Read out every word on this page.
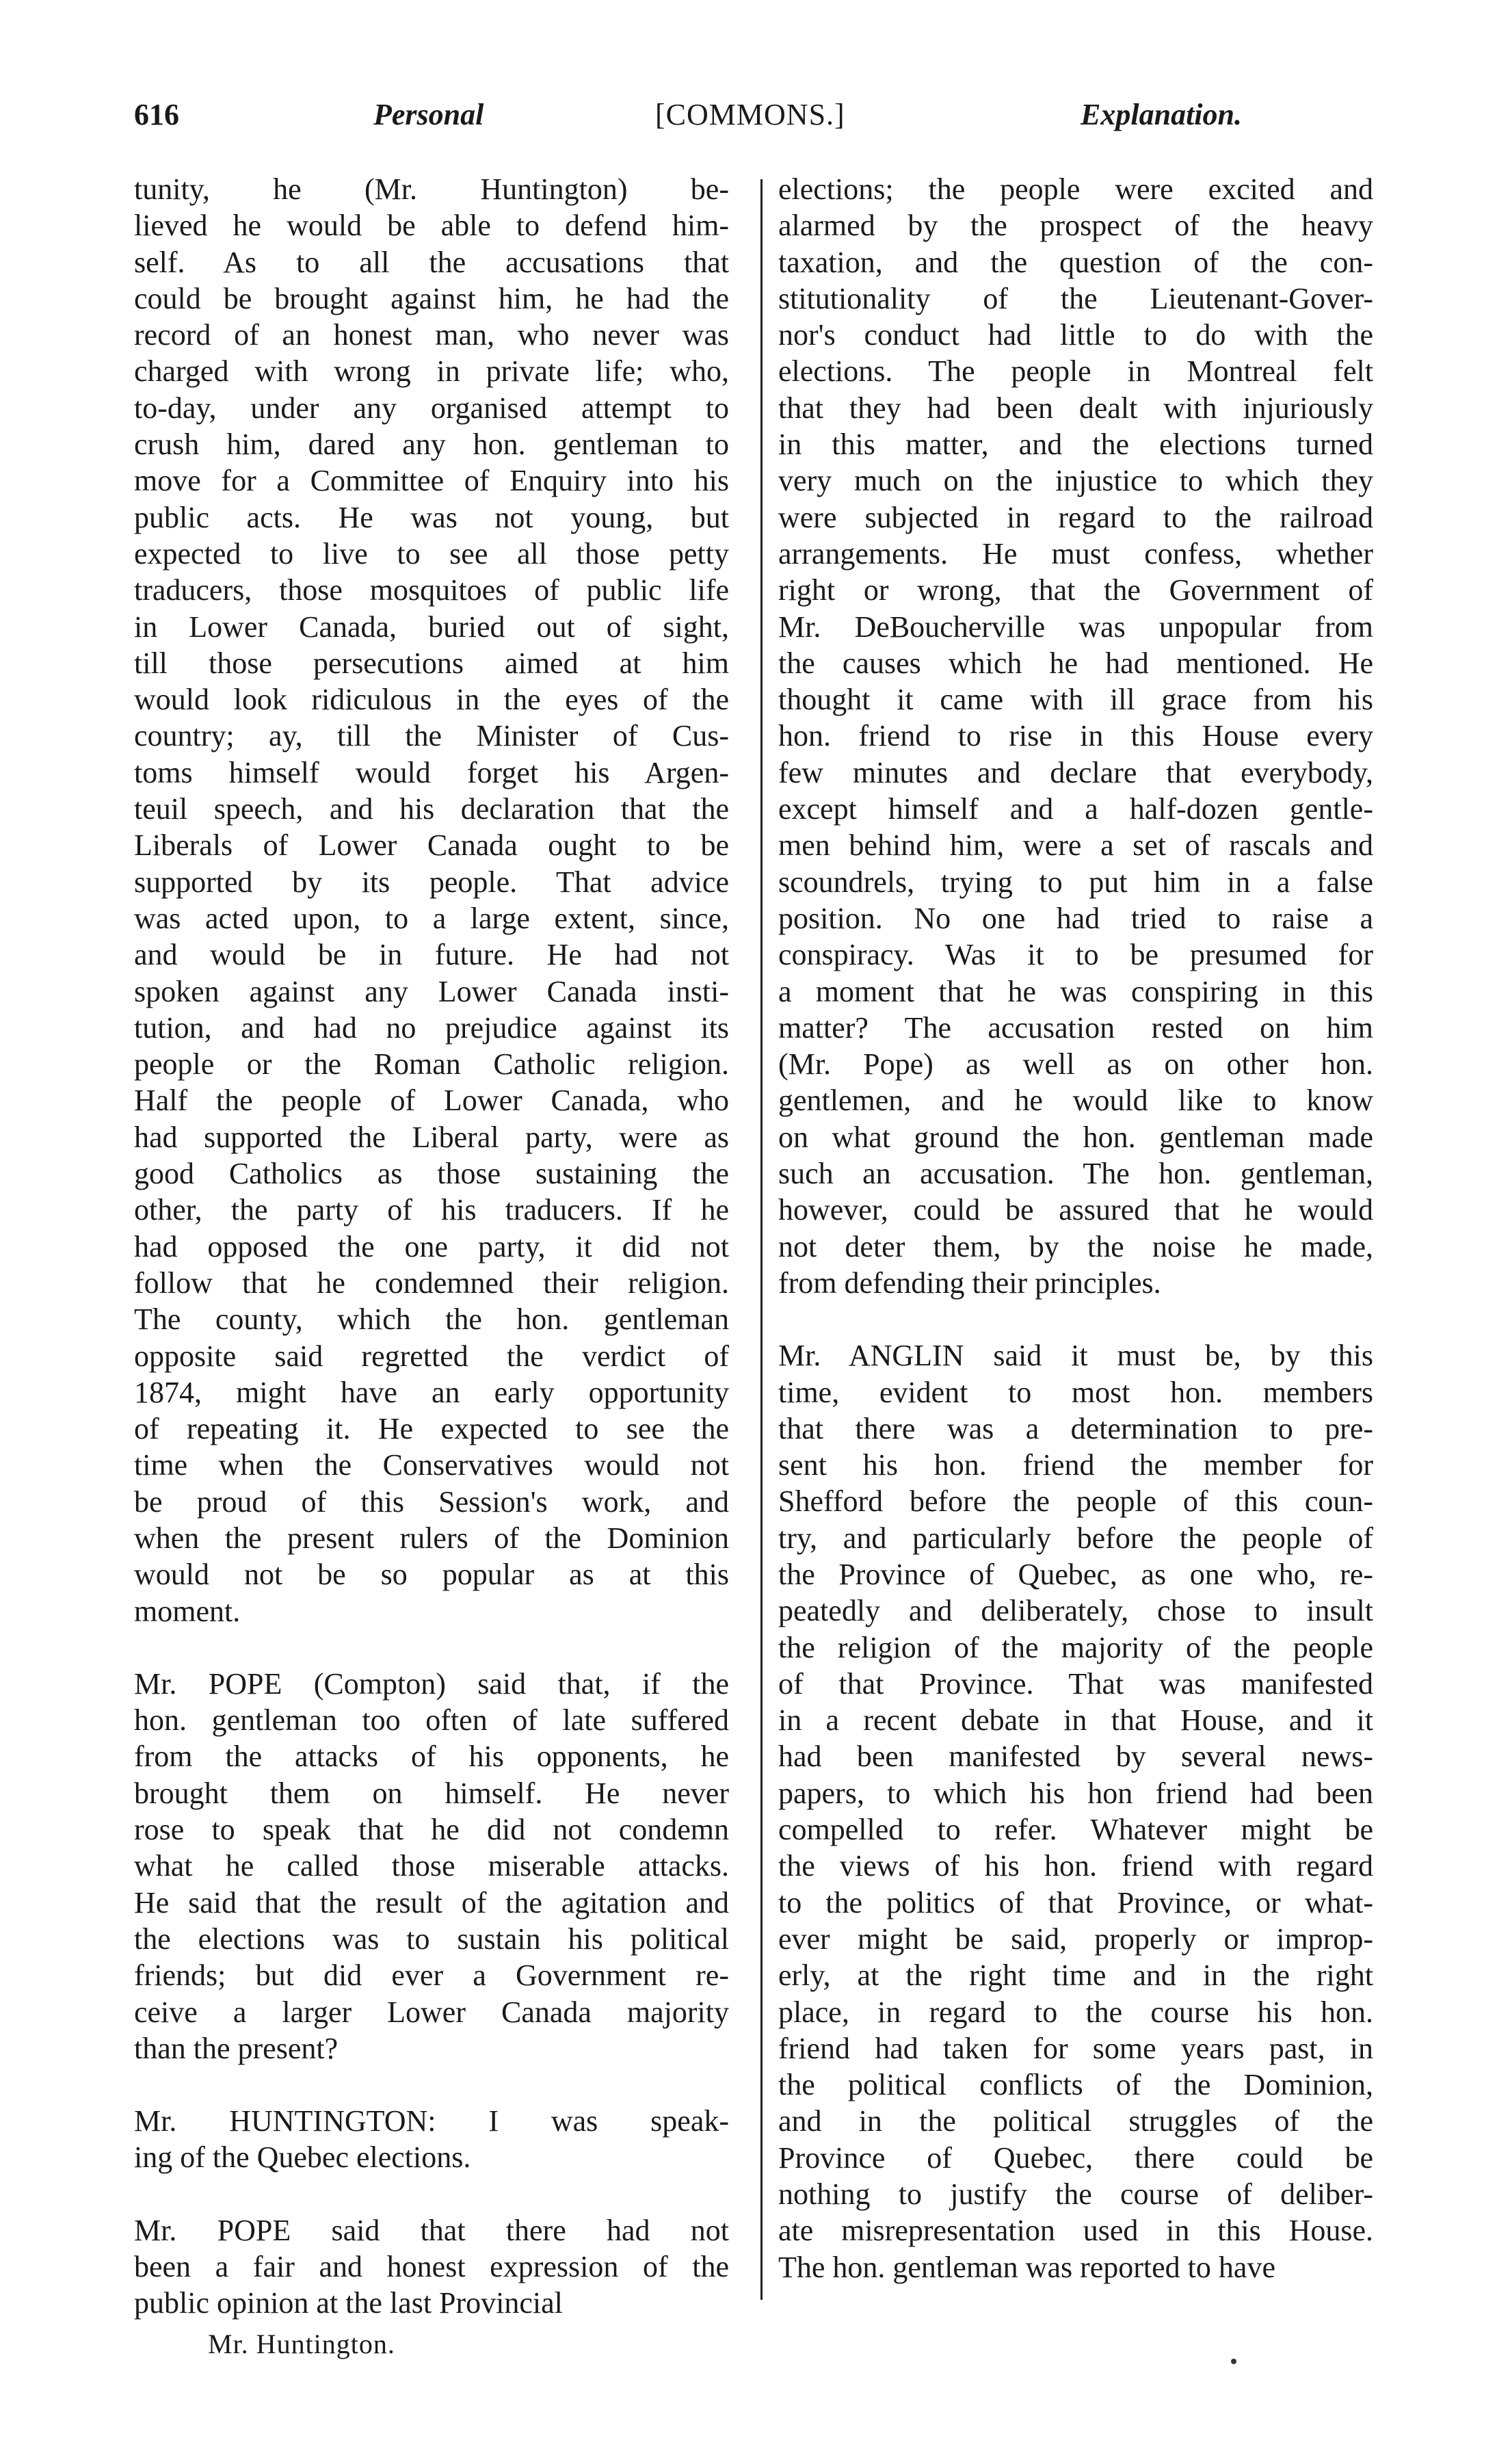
616	Personal	[COMMONS.]	Explanation.
tunity, he (Mr. Huntington) be-
lieved he would be able to defend him-
self. As to all the accusations that
could be brought against him, he had the
record of an honest man, who never was
charged with wrong in private life; who,
to-day, under any organised attempt to
crush him, dared any hon. gentleman to
move for a Committee of Enquiry into his
public acts. He was not young, but
expected to live to see all those petty
traducers, those mosquitoes of public life
in Lower Canada, buried out of sight,
till those persecutions aimed at him
would look ridiculous in the eyes of the
country; ay, till the Minister of Cus-
toms himself would forget his Argen-
teuil speech, and his declaration that the
Liberals of Lower Canada ought to be
supported by its people. That advice
was acted upon, to a large extent, since,
and would be in future. He had not
spoken against any Lower Canada insti-
tution, and had no prejudice against its
people or the Roman Catholic religion.
Half the people of Lower Canada, who
had supported the Liberal party, were as
good Catholics as those sustaining the
other, the party of his traducers. If he
had opposed the one party, it did not
follow that he condemned their religion.
The county, which the hon. gentleman
opposite said regretted the verdict of
1874, might have an early opportunity
of repeating it. He expected to see the
time when the Conservatives would not
be proud of this Session's work, and
when the present rulers of the Dominion
would not be so popular as at this
moment.
Mr. POPE (Compton) said that, if the
hon. gentleman too often of late suffered
from the attacks of his opponents, he
brought them on himself. He never
rose to speak that he did not condemn
what he called those miserable attacks.
He said that the result of the agitation and
the elections was to sustain his political
friends; but did ever a Government re-
ceive a larger Lower Canada majority
than the present?
Mr. HUNTINGTON: I was speak-
ing of the Quebec elections.
Mr. POPE said that there had not
been a fair and honest expression of the
public opinion at the last Provincial
elections; the people were excited and
alarmed by the prospect of the heavy
taxation, and the question of the con-
stitutionality of the Lieutenant-Gover-
nor's conduct had little to do with the
elections. The people in Montreal felt
that they had been dealt with injuriously
in this matter, and the elections turned
very much on the injustice to which they
were subjected in regard to the railroad
arrangements. He must confess, whether
right or wrong, that the Government of
Mr. DeBoucherville was unpopular from
the causes which he had mentioned. He
thought it came with ill grace from his
hon. friend to rise in this House every
few minutes and declare that everybody,
except himself and a half-dozen gentle-
men behind him, were a set of rascals and
scoundrels, trying to put him in a false
position. No one had tried to raise a
conspiracy. Was it to be presumed for
a moment that he was conspiring in this
matter? The accusation rested on him
(Mr. Pope) as well as on other hon.
gentlemen, and he would like to know
on what ground the hon. gentleman made
such an accusation. The hon. gentleman,
however, could be assured that he would
not deter them, by the noise he made,
from defending their principles.
Mr. ANGLIN said it must be, by this
time, evident to most hon. members
that there was a determination to pre-
sent his hon. friend the member for
Shefford before the people of this coun-
try, and particularly before the people of
the Province of Quebec, as one who, re-
peatedly and deliberately, chose to insult
the religion of the majority of the people
of that Province. That was manifested
in a recent debate in that House, and it
had been manifested by several news-
papers, to which his hon friend had been
compelled to refer. Whatever might be
the views of his hon. friend with regard
to the politics of that Province, or what-
ever might be said, properly or improp-
erly, at the right time and in the right
place, in regard to the course his hon.
friend had taken for some years past, in
the political conflicts of the Dominion,
and in the political struggles of the
Province of Quebec, there could be
nothing to justify the course of deliber-
ate misrepresentation used in this House.
The hon. gentleman was reported to have
Mr. Huntington.
